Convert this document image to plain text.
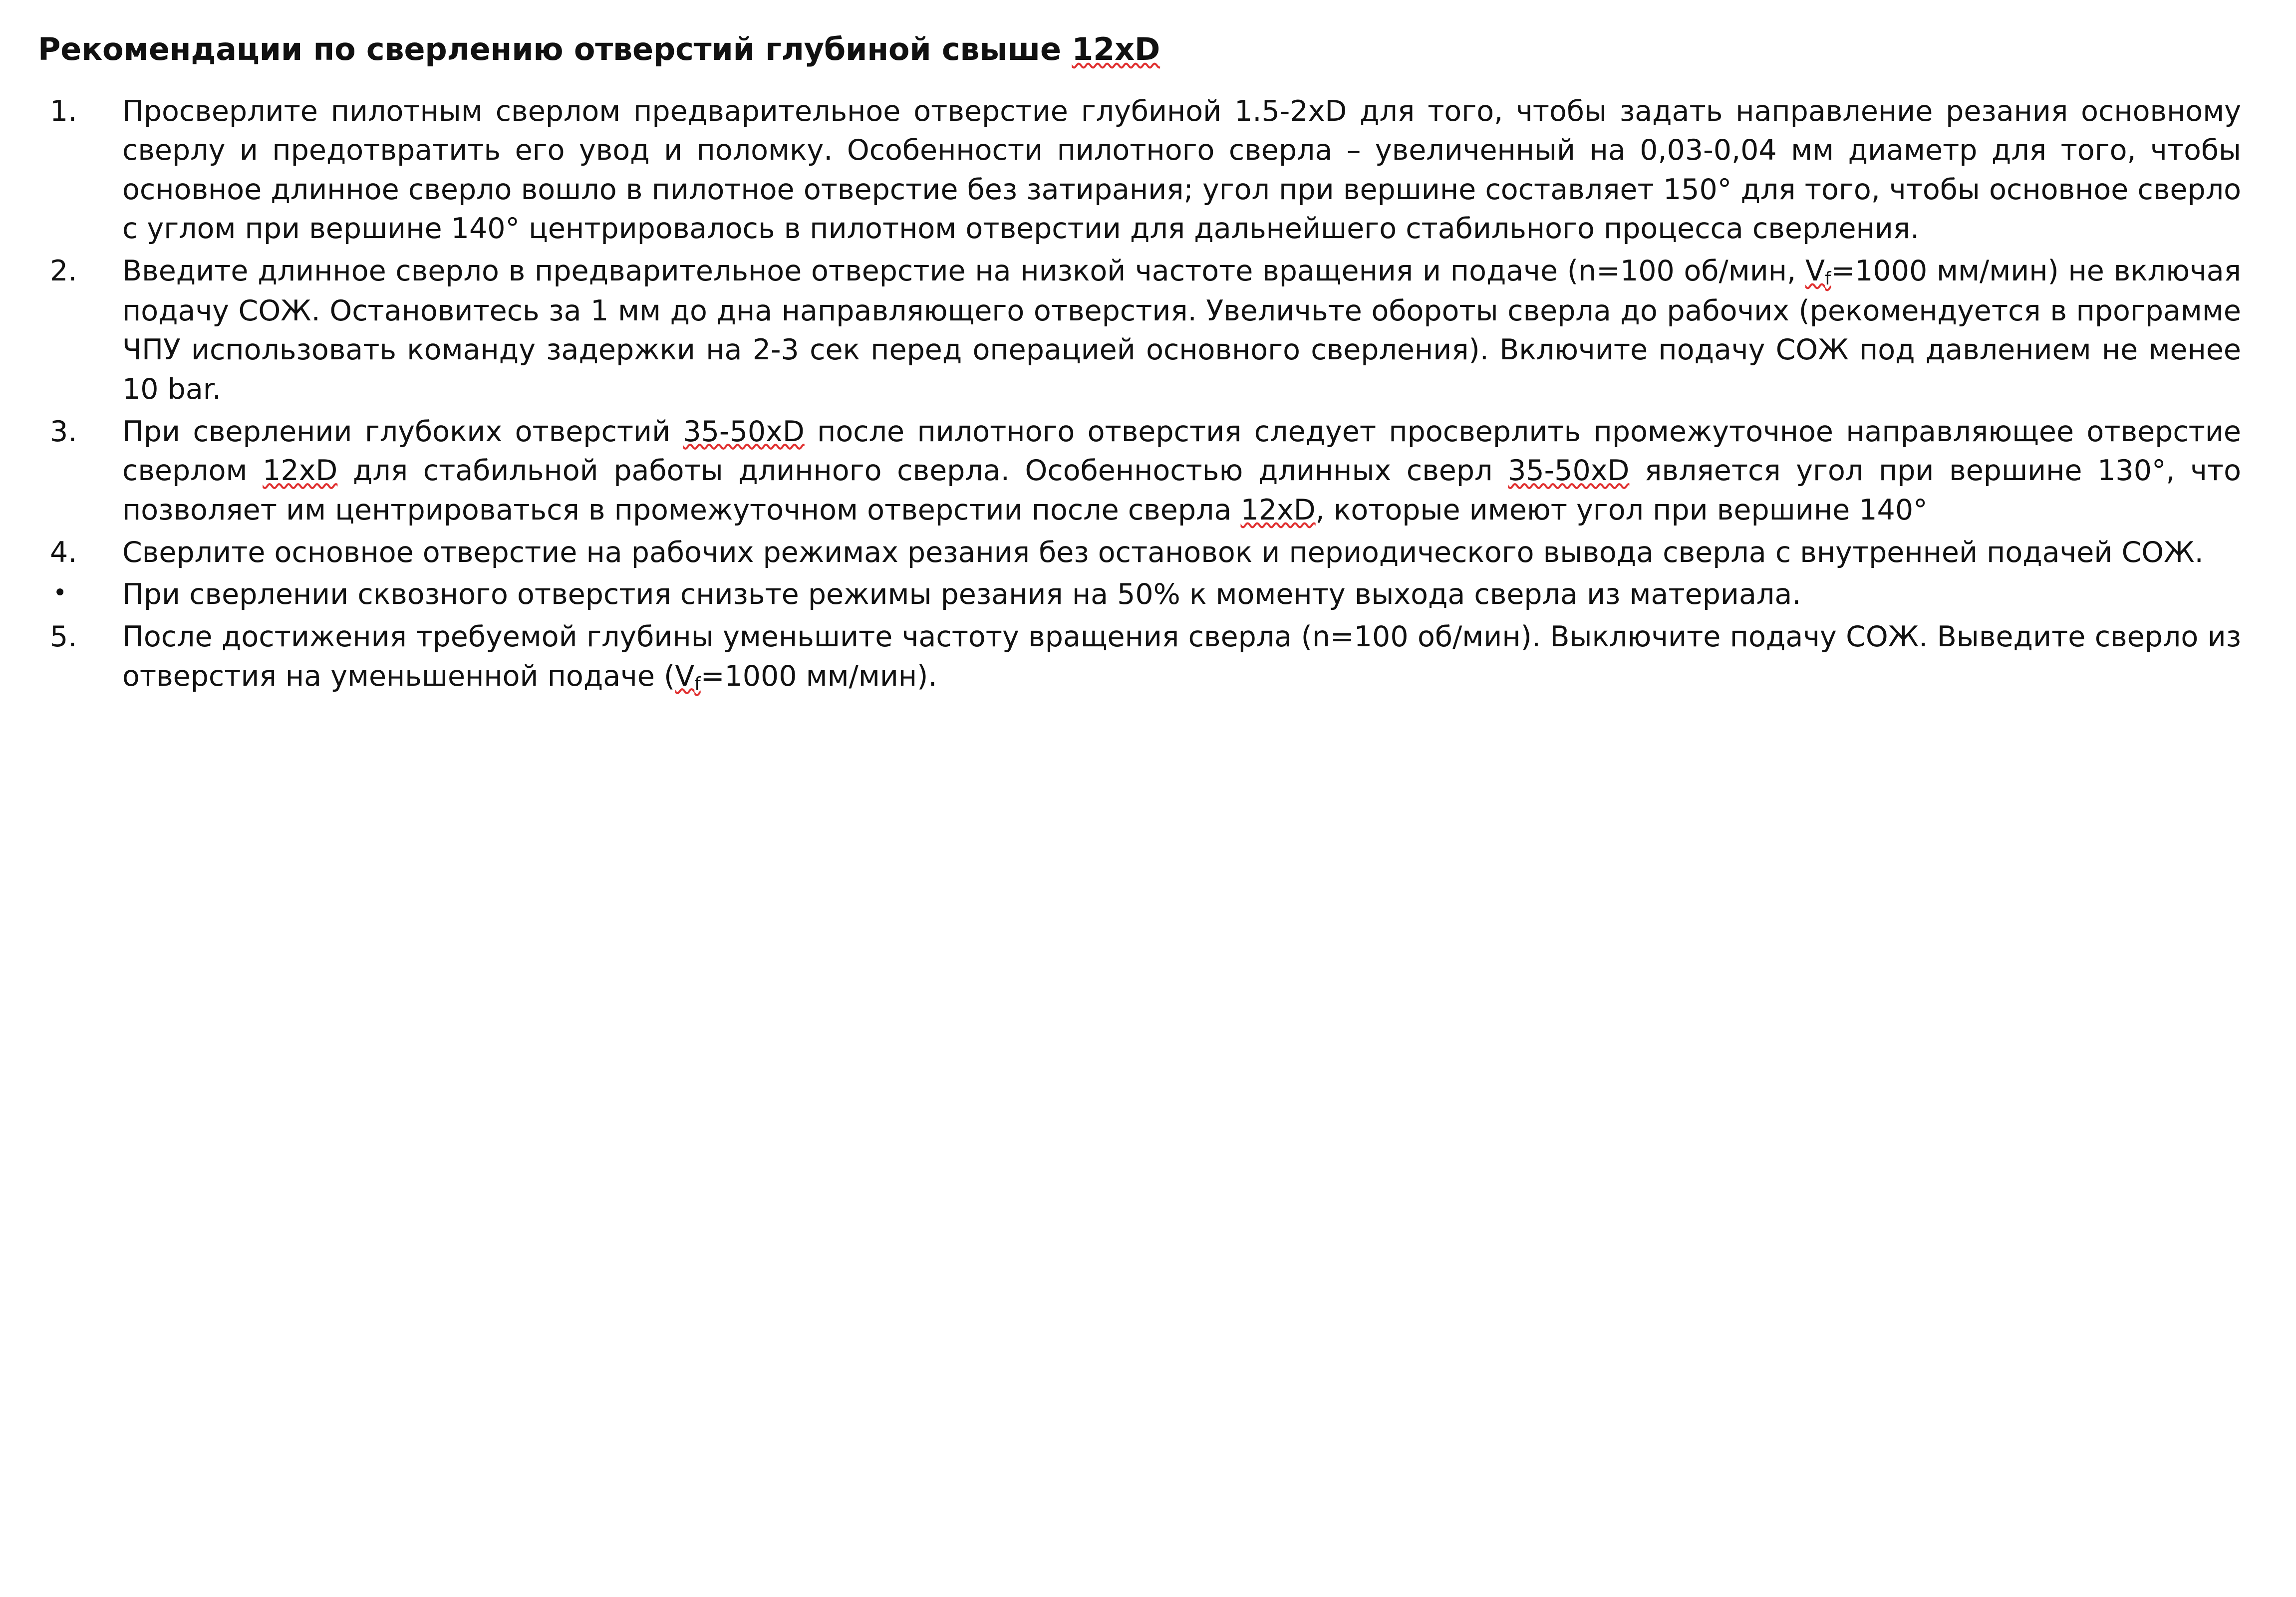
Рекомендации по сверлению отверстий глубиной свыше 12xD
1.	Просверлите пилотным сверлом предварительное отверстие глубиной 1.5-2xD для того, чтобы задать направление резания основному сверлу и предотвратить его увод и поломку. Особенности пилотного сверла – увеличенный на 0,03-0,04 мм диаметр для того, чтобы основное длинное сверло вошло в пилотное отверстие без затирания; угол при вершине составляет 150° для того, чтобы основное сверло с углом при вершине 140° центрировалось в пилотном отверстии для дальнейшего стабильного процесса сверления.
2.	Введите длинное сверло в предварительное отверстие на низкой частоте вращения и подаче (n=100 об/мин, $V_f=1000$ мм/мин) не включая подачу СОЖ. Остановитесь за 1 мм до дна направляющего отверстия. Увеличьте обороты сверла до рабочих (рекомендуется в программе ЧПУ использовать команду задержки на 2-3 сек перед операцией основного сверления). Включите подачу СОЖ под давлением не менее 10 bar.
3.	При сверлении глубоких отверстий 35-50xD после пилотного отверстия следует просверлить промежуточное направляющее отверстие сверлом 12xD для стабильной работы длинного сверла. Особенностью длинных сверл 35-50xD является угол при вершине 130°, что позволяет им центрироваться в промежуточном отверстии после сверла 12xD, которые имеют угол при вершине 140°
4.	Сверлите основное отверстие на рабочих режимах резания без остановок и периодического вывода сверла с внутренней подачей СОЖ.
•	При сверлении сквозного отверстия снизьте режимы резания на 50% к моменту выхода сверла из материала.
5.	После достижения требуемой глубины уменьшите частоту вращения сверла (n=100 об/мин). Выключите подачу СОЖ. Выведите сверло из отверстия на уменьшенной подаче ($V_f=1000$ мм/мин).
